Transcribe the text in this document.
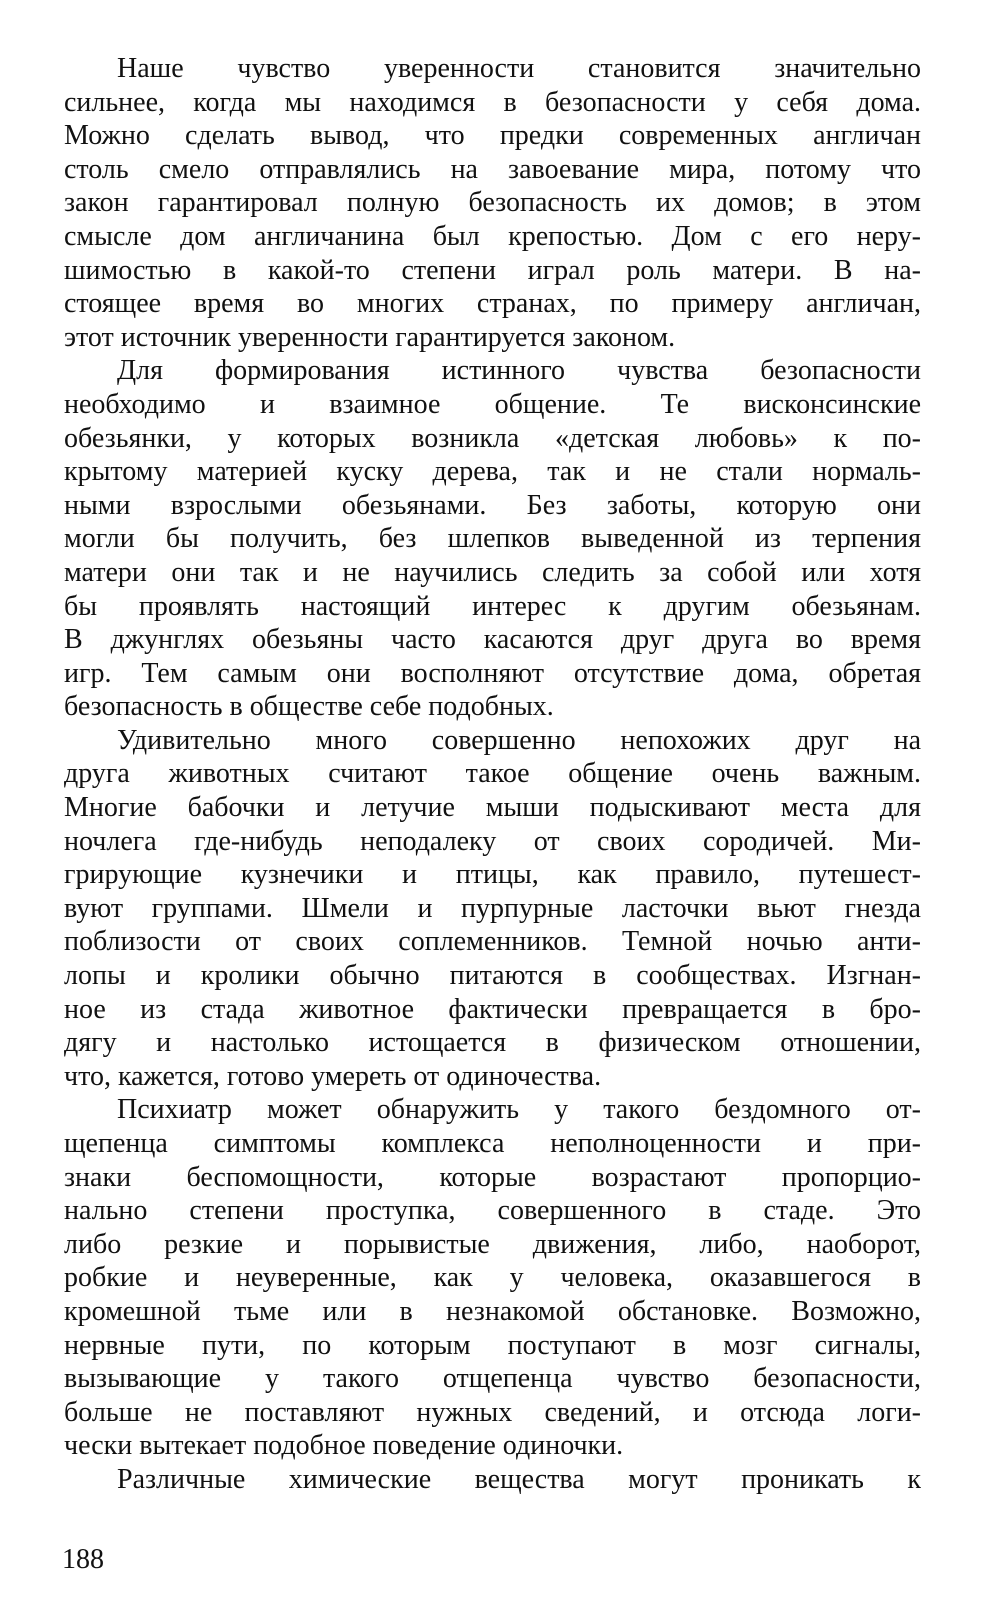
Наше чувство уверенности становится значительно
сильнее, когда мы находимся в безопасности у себя дома.
Можно сделать вывод, что предки современных англичан
столь смело отправлялись на завоевание мира, потому что
закон гарантировал полную безопасность их домов; в этом
смысле дом англичанина был крепостью. Дом с его неру-
шимостью в какой-то степени играл роль матери. В на-
стоящее время во многих странах, по примеру англичан,
этот источник уверенности гарантируется законом.
Для формирования истинного чувства безопасности
необходимо и взаимное общение. Те висконсинские
обезьянки, у которых возникла «детская любовь» к по-
крытому материей куску дерева, так и не стали нормаль-
ными взрослыми обезьянами. Без заботы, которую они
могли бы получить, без шлепков выведенной из терпения
матери они так и не научились следить за собой или хотя
бы проявлять настоящий интерес к другим обезьянам.
В джунглях обезьяны часто касаются друг друга во время
игр. Тем самым они восполняют отсутствие дома, обретая
безопасность в обществе себе подобных.
Удивительно много совершенно непохожих друг на
друга животных считают такое общение очень важным.
Многие бабочки и летучие мыши подыскивают места для
ночлега где-нибудь неподалеку от своих сородичей. Ми-
грирующие кузнечики и птицы, как правило, путешест-
вуют группами. Шмели и пурпурные ласточки вьют гнезда
поблизости от своих соплеменников. Темной ночью анти-
лопы и кролики обычно питаются в сообществах. Изгнан-
ное из стада животное фактически превращается в бро-
дягу и настолько истощается в физическом отношении,
что, кажется, готово умереть от одиночества.
Психиатр может обнаружить у такого бездомного от-
щепенца симптомы комплекса неполноценности и при-
знаки беспомощности, которые возрастают пропорцио-
нально степени проступка, совершенного в стаде. Это
либо резкие и порывистые движения, либо, наоборот,
робкие и неуверенные, как у человека, оказавшегося в
кромешной тьме или в незнакомой обстановке. Возможно,
нервные пути, по которым поступают в мозг сигналы,
вызывающие у такого отщепенца чувство безопасности,
больше не поставляют нужных сведений, и отсюда логи-
чески вытекает подобное поведение одиночки.
Различные химические вещества могут проникать к
188
